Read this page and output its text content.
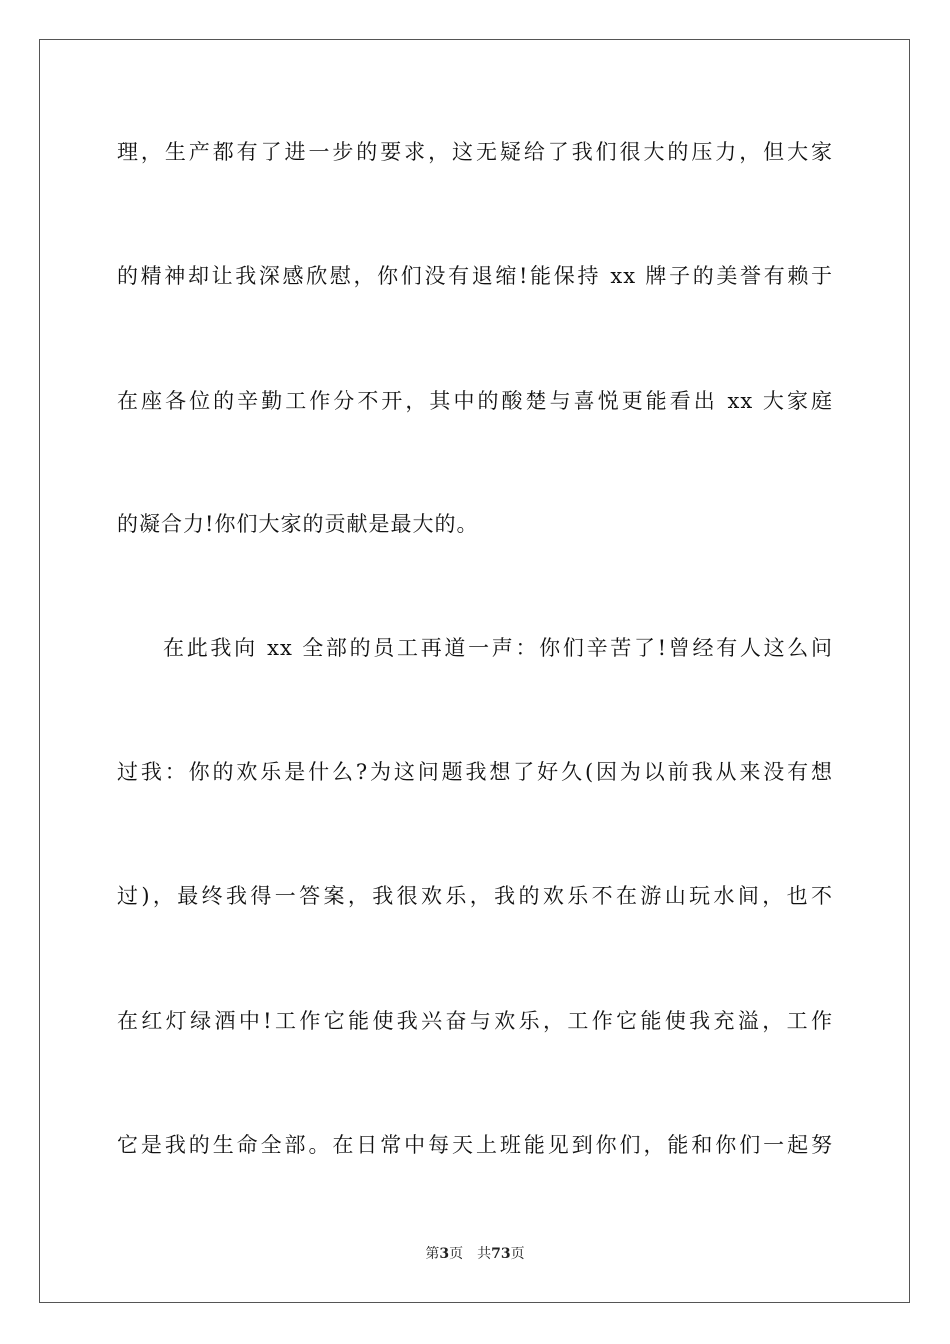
理，生产都有了进一步的要求，这无疑给了我们很大的压力，但大家
的精神却让我深感欣慰，你们没有退缩!能保持 xx 牌子的美誉有赖于
在座各位的辛勤工作分不开，其中的酸楚与喜悦更能看出 xx 大家庭
的凝合力!你们大家的贡献是最大的。
在此我向 xx 全部的员工再道一声：你们辛苦了!曾经有人这么问
过我：你的欢乐是什么?为这问题我想了好久(因为以前我从来没有想
过)，最终我得一答案，我很欢乐，我的欢乐不在游山玩水间，也不
在红灯绿酒中!工作它能使我兴奋与欢乐，工作它能使我充溢，工作
它是我的生命全部。在日常中每天上班能见到你们，能和你们一起努
第3页 共73页
